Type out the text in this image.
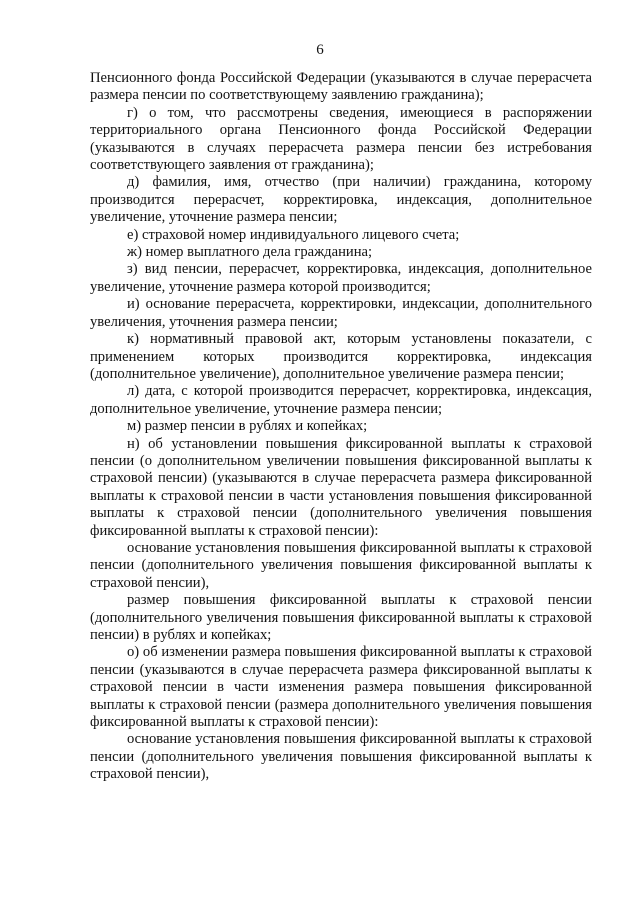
6

Пенсионного фонда Российской Федерации (указываются в случае перерасчета размера пенсии по соответствующему заявлению гражданина);

г) о том, что рассмотрены сведения, имеющиеся в распоряжении территориального органа Пенсионного фонда Российской Федерации (указываются в случаях перерасчета размера пенсии без истребования соответствующего заявления от гражданина);

д) фамилия, имя, отчество (при наличии) гражданина, которому производится перерасчет, корректировка, индексация, дополнительное увеличение, уточнение размера пенсии;

е) страховой номер индивидуального лицевого счета;

ж) номер выплатного дела гражданина;

з) вид пенсии, перерасчет, корректировка, индексация, дополнительное увеличение, уточнение размера которой производится;

и) основание перерасчета, корректировки, индексации, дополнительного увеличения, уточнения размера пенсии;

к) нормативный правовой акт, которым установлены показатели, с применением которых производится корректировка, индексация (дополнительное увеличение), дополнительное увеличение размера пенсии;

л) дата, с которой производится перерасчет, корректировка, индексация, дополнительное увеличение, уточнение размера пенсии;

м) размер пенсии в рублях и копейках;

н) об установлении повышения фиксированной выплаты к страховой пенсии (о дополнительном увеличении повышения фиксированной выплаты к страховой пенсии) (указываются в случае перерасчета размера фиксированной выплаты к страховой пенсии в части установления повышения фиксированной выплаты к страховой пенсии (дополнительного увеличения повышения фиксированной выплаты к страховой пенсии):

основание установления повышения фиксированной выплаты к страховой пенсии (дополнительного увеличения повышения фиксированной выплаты к страховой пенсии),

размер повышения фиксированной выплаты к страховой пенсии (дополнительного увеличения повышения фиксированной выплаты к страховой пенсии) в рублях и копейках;

о) об изменении размера повышения фиксированной выплаты к страховой пенсии (указываются в случае перерасчета размера фиксированной выплаты к страховой пенсии в части изменения размера повышения фиксированной выплаты к страховой пенсии (размера дополнительного увеличения повышения фиксированной выплаты к страховой пенсии):

основание установления повышения фиксированной выплаты к страховой пенсии (дополнительного увеличения повышения фиксированной выплаты к страховой пенсии),
